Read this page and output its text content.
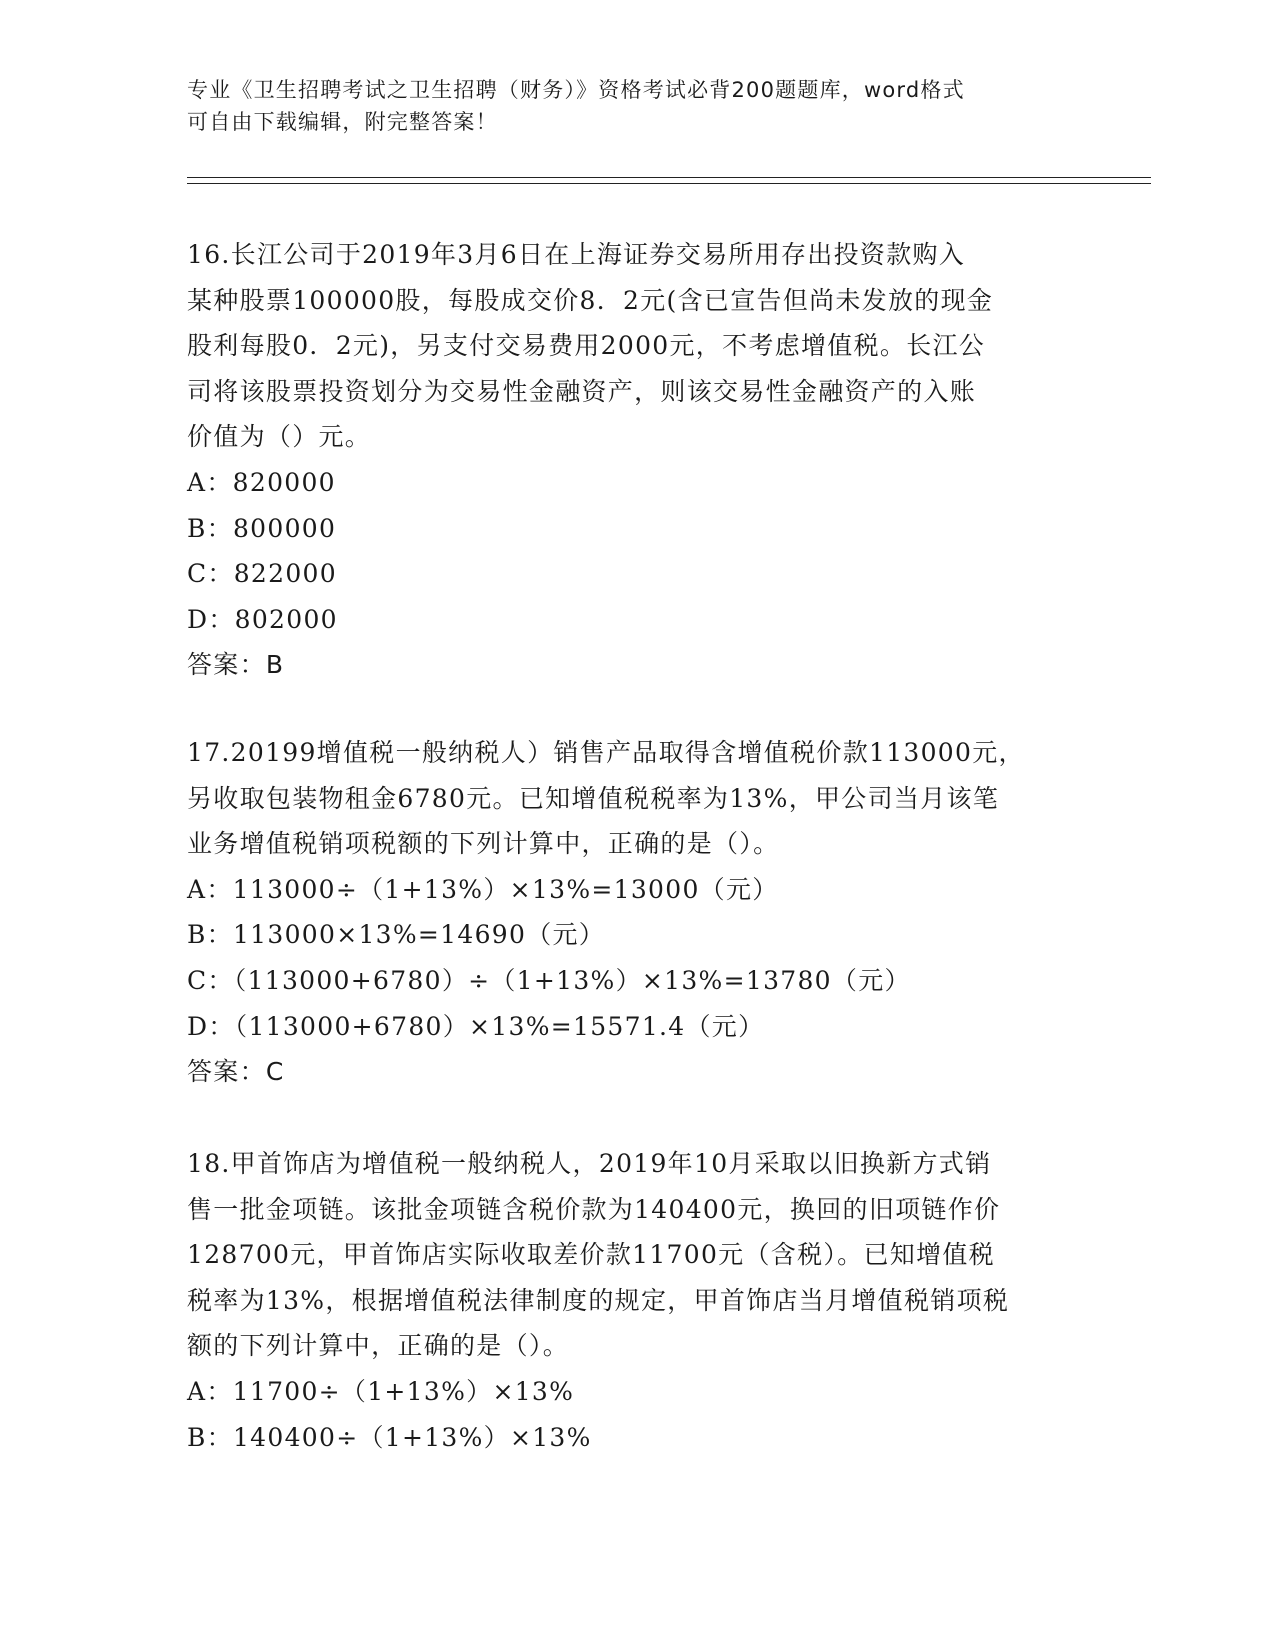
专业《卫生招聘考试之卫生招聘（财务）》资格考试必背200题题库，word格式
可自由下载编辑，附完整答案！
16.长江公司于2019年3月6日在上海证券交易所用存出投资款购入
某种股票100000股，每股成交价8．2元(含已宣告但尚未发放的现金
股利每股0．2元)，另支付交易费用2000元，不考虑增值税。长江公
司将该股票投资划分为交易性金融资产，则该交易性金融资产的入账
价值为（）元。
A：820000
B：800000
C：822000
D：802000
答案：B
17.20199增值税一般纳税人）销售产品取得含增值税价款113000元，
另收取包装物租金6780元。已知增值税税率为13%，甲公司当月该笔
业务增值税销项税额的下列计算中，正确的是（）。
A：113000÷（1+13%）×13%=13000（元）
B：113000×13%=14690（元）
C：（113000+6780）÷（1+13%）×13%=13780（元）
D：（113000+6780）×13%=15571.4（元）
答案：C
18.甲首饰店为增值税一般纳税人，2019年10月采取以旧换新方式销
售一批金项链。该批金项链含税价款为140400元，换回的旧项链作价
128700元，甲首饰店实际收取差价款11700元（含税）。已知增值税
税率为13%，根据增值税法律制度的规定，甲首饰店当月增值税销项税
额的下列计算中，正确的是（）。
A：11700÷（1+13%）×13%
B：140400÷（1+13%）×13%
